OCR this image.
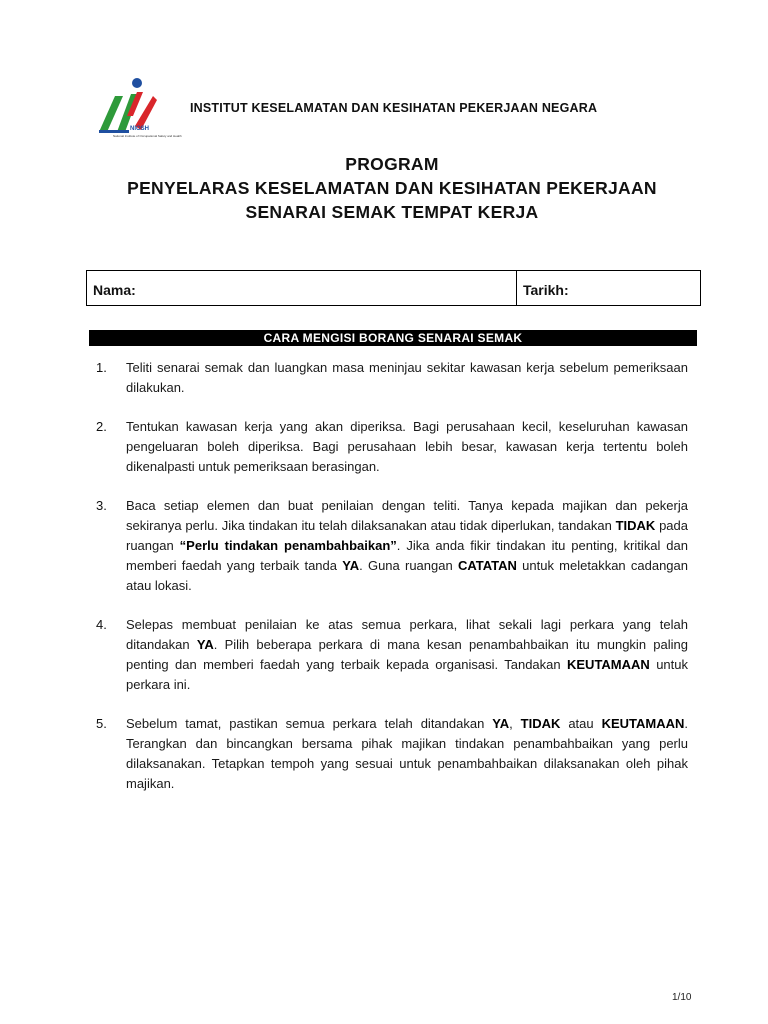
NIOSH
National Institute of Occupational Safety and Health
INSTITUT KESELAMATAN DAN KESIHATAN PEKERJAAN NEGARA
PROGRAM
PENYELARAS KESELAMATAN DAN KESIHATAN PEKERJAAN
SENARAI SEMAK TEMPAT KERJA
Nama:	Tarikh:
CARA MENGISI BORANG SENARAI SEMAK
1.	Teliti senarai semak dan luangkan masa meninjau sekitar kawasan kerja sebelum pemeriksaan dilakukan.
2.	Tentukan kawasan kerja yang akan diperiksa. Bagi perusahaan kecil, keseluruhan kawasan pengeluaran boleh diperiksa. Bagi perusahaan lebih besar, kawasan kerja tertentu boleh dikenalpasti untuk pemeriksaan berasingan.
3.	Baca setiap elemen dan buat penilaian dengan teliti. Tanya kepada majikan dan pekerja sekiranya perlu. Jika tindakan itu telah dilaksanakan atau tidak diperlukan, tandakan TIDAK pada ruangan “Perlu tindakan penambahbaikan”. Jika anda fikir tindakan itu penting, kritikal dan memberi faedah yang terbaik tanda YA. Guna ruangan CATATAN untuk meletakkan cadangan atau lokasi.
4.	Selepas membuat penilaian ke atas semua perkara, lihat sekali lagi perkara yang telah ditandakan YA. Pilih beberapa perkara di mana kesan penambahbaikan itu mungkin paling penting dan memberi faedah yang terbaik kepada organisasi. Tandakan KEUTAMAAN untuk perkara ini.
5.	Sebelum tamat, pastikan semua perkara telah ditandakan YA, TIDAK atau KEUTAMAAN. Terangkan dan bincangkan bersama pihak majikan tindakan penambahbaikan yang perlu dilaksanakan. Tetapkan tempoh yang sesuai untuk penambahbaikan dilaksanakan oleh pihak majikan.
1/10
